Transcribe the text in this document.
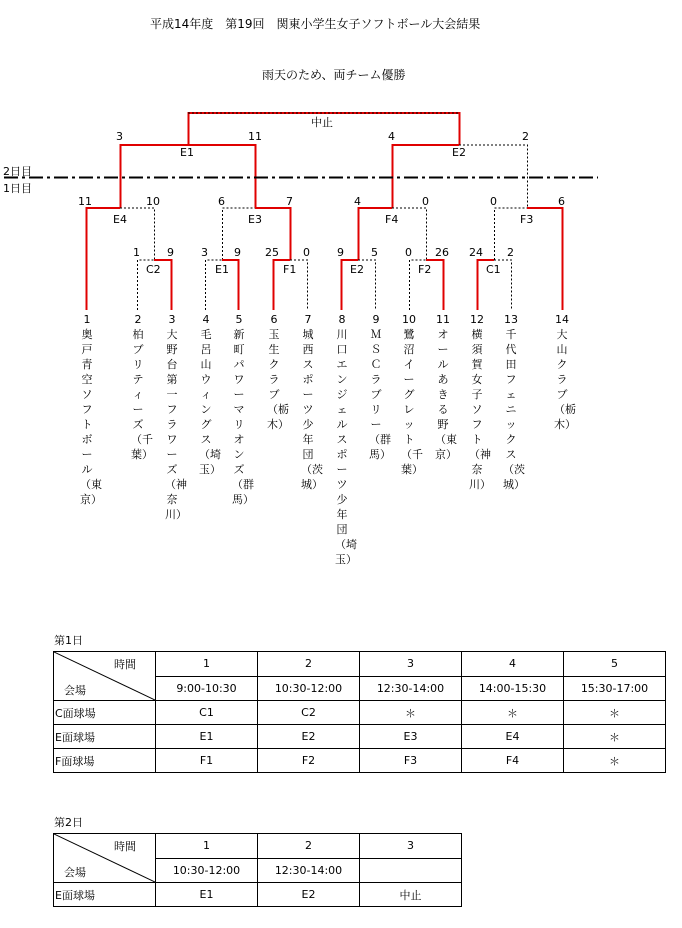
平成14年度　第19回　関東小学生女子ソフトボール大会結果
雨天のため、両チーム優勝
2日目
1日目
中止
3	2
E1
11
E2
4
E4
11	10
E3
6	7
F4
4	0
F3
0	6
C2
1 9
E1
3 9
F1
25 0
E2
9 5
F2
0 26
C1
24 2
1
奥戸青空ソフトボール（東京）
2
柏ブリティーズ（千葉）
3
大野台第一フラワーズ（神奈川）
4
毛呂山ウィングス（埼玉）
5
新町パワーマリオンズ（群馬）
6
玉生クラブ（栃木）
7
城西スポーツ少年団（茨城）
8
川口エンジェルスポーツ少年団（埼玉）
9
ＭＳＣラブリー（群馬）
10
鷺沼イーグレット（千葉）
11
オールあきる野（東京）
12
横須賀女子ソフト（神奈川）
13
千代田フェニックス（茨城）
14
大山クラブ（栃木）
第1日
時間
会場	1	2	3	4	5
	9:00-10:30	10:30-12:00	12:30-14:00	14:00-15:30	15:30-17:00
C面球場	C1	C2	＊	＊	＊
E面球場	E1	E2	E3	E4	＊
F面球場	F1	F2	F3	F4	＊
第2日
時間
会場	1	2	3
	10:30-12:00	12:30-14:00	
E面球場	E1	E2	中止
